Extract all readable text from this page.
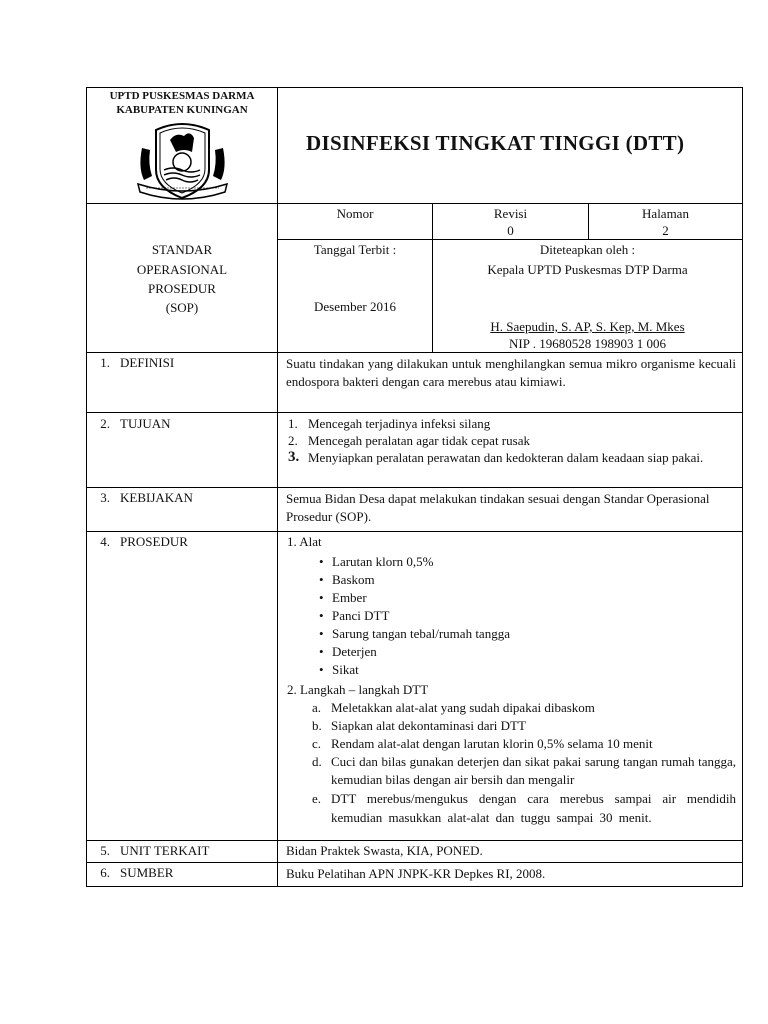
UPTD PUSKESMAS DARMA
KABUPATEN KUNINGAN
DISINFEKSI TINGKAT TINGGI (DTT)
STANDAR
OPERASIONAL
PROSEDUR
(SOP)
Nomor	Revisi
0
Halaman
2
Tanggal Terbit :
Desember 2016
Diteteapkan oleh :
Kepala UPTD Puskesmas DTP Darma
H. Saepudin, S. AP, S. Kep, M. Mkes
NIP . 19680528 198903 1 006
1. DEFINISI
2. TUJUAN
3. KEBIJAKAN
4. PROSEDUR
5. UNIT TERKAIT
6. SUMBER
Suatu tindakan yang dilakukan untuk menghilangkan semua mikro organisme kecuali endospora bakteri dengan cara merebus atau kimiawi.
1. Mencegah terjadinya infeksi silang
2. Mencegah peralatan agar tidak cepat rusak
3. Menyiapkan peralatan perawatan dan kedokteran dalam keadaan siap pakai.
Semua Bidan Desa dapat melakukan tindakan sesuai dengan Standar Operasional Prosedur (SOP).
1. Alat
• Larutan klorn 0,5%
• Baskom
• Ember
• Panci DTT
• Sarung tangan tebal/rumah tangga
• Deterjen
• Sikat
2. Langkah – langkah DTT
a. Meletakkan alat-alat yang sudah dipakai dibaskom
b. Siapkan alat dekontaminasi dari DTT
c. Rendam alat-alat dengan larutan klorin 0,5% selama 10 menit
d. Cuci dan bilas gunakan deterjen dan sikat pakai sarung tangan rumah tangga, kemudian bilas dengan air bersih dan mengalir
e. DTT merebus/mengukus dengan cara merebus sampai air mendidih kemudian masukkan alat-alat dan tuggu sampai 30 menit.
Bidan Praktek Swasta, KIA, PONED.
Buku Pelatihan APN JNPK-KR Depkes RI, 2008.
